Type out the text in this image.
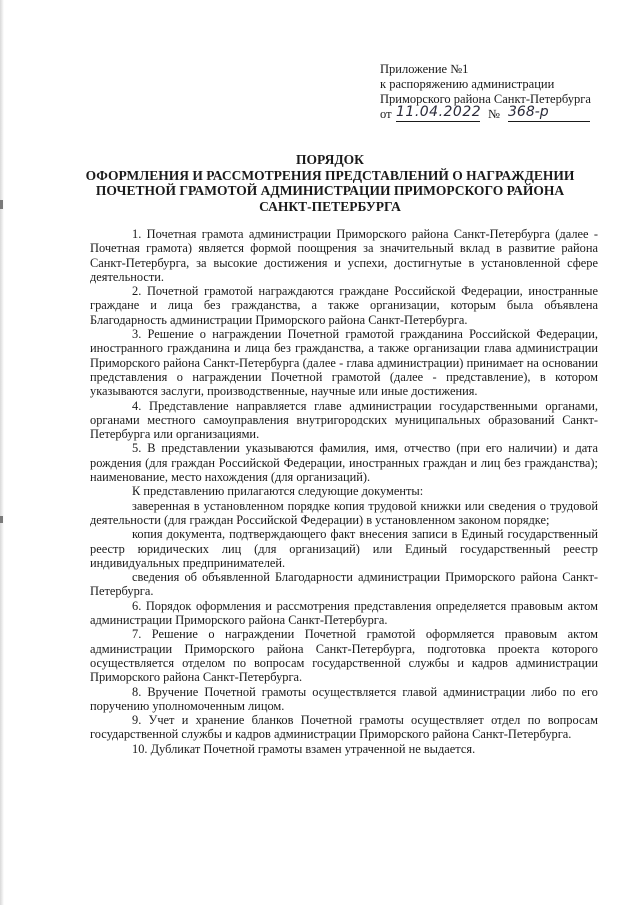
Приложение №1
к распоряжению администрации
Приморского района Санкт-Петербурга
от 11.04.2022 № 368-р
ПОРЯДОК
ОФОРМЛЕНИЯ И РАССМОТРЕНИЯ ПРЕДСТАВЛЕНИЙ О НАГРАЖДЕНИИ
ПОЧЕТНОЙ ГРАМОТОЙ АДМИНИСТРАЦИИ ПРИМОРСКОГО РАЙОНА
САНКТ-ПЕТЕРБУРГА

1. Почетная грамота администрации Приморского района Санкт-Петербурга (далее - Почетная грамота) является формой поощрения за значительный вклад в развитие района Санкт-Петербурга, за высокие достижения и успехи, достигнутые в установленной сфере деятельности.

2. Почетной грамотой награждаются граждане Российской Федерации, иностранные граждане и лица без гражданства, а также организации, которым была объявлена Благодарность администрации Приморского района Санкт-Петербурга.

3. Решение о награждении Почетной грамотой гражданина Российской Федерации, иностранного гражданина и лица без гражданства, а также организации глава администрации Приморского района Санкт-Петербурга (далее - глава администрации) принимает на основании представления о награждении Почетной грамотой (далее - представление), в котором указываются заслуги, производственные, научные или иные достижения.

4. Представление направляется главе администрации государственными органами, органами местного самоуправления внутригородских муниципальных образований Санкт-Петербурга или организациями.

5. В представлении указываются фамилия, имя, отчество (при его наличии) и дата рождения (для граждан Российской Федерации, иностранных граждан и лиц без гражданства); наименование, место нахождения (для организаций).

К представлению прилагаются следующие документы:

заверенная в установленном порядке копия трудовой книжки или сведения о трудовой деятельности (для граждан Российской Федерации) в установленном законом порядке;

копия документа, подтверждающего факт внесения записи в Единый государственный реестр юридических лиц (для организаций) или Единый государственный реестр индивидуальных предпринимателей.

сведения об объявленной Благодарности администрации Приморского района Санкт-Петербурга.

6. Порядок оформления и рассмотрения представления определяется правовым актом администрации Приморского района Санкт-Петербурга.

7. Решение о награждении Почетной грамотой оформляется правовым актом администрации Приморского района Санкт-Петербурга, подготовка проекта которого осуществляется отделом по вопросам государственной службы и кадров администрации Приморского района Санкт-Петербурга.

8. Вручение Почетной грамоты осуществляется главой администрации либо по его поручению уполномоченным лицом.

9. Учет и хранение бланков Почетной грамоты осуществляет отдел по вопросам государственной службы и кадров администрации Приморского района Санкт-Петербурга.

10. Дубликат Почетной грамоты взамен утраченной не выдается.
